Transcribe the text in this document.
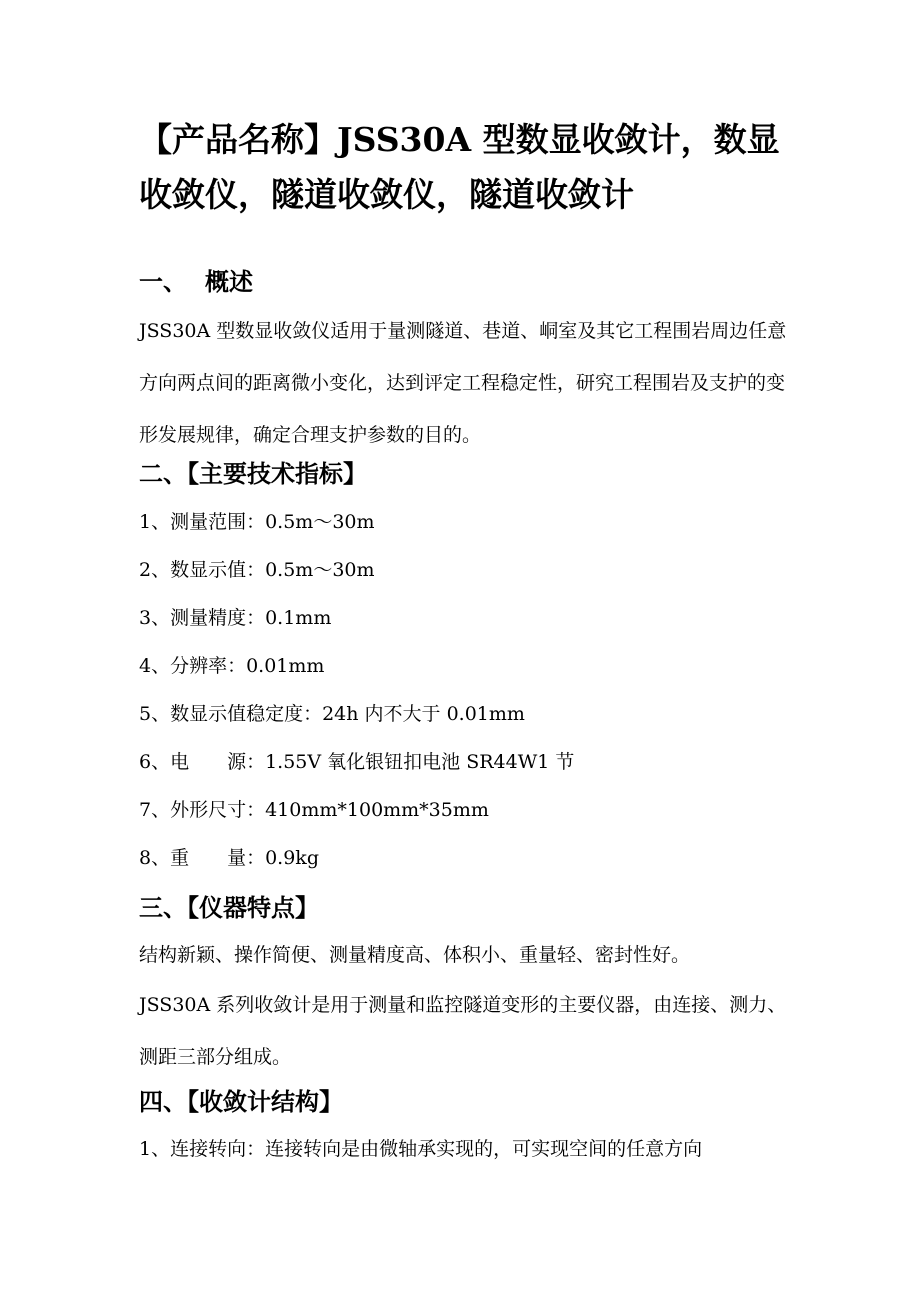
【产品名称】JSS30A 型数显收敛计，数显收敛仪，隧道收敛仪，隧道收敛计
一、 概述
JSS30A 型数显收敛仪适用于量测隧道、巷道、峒室及其它工程围岩周边任意方向两点间的距离微小变化，达到评定工程稳定性，研究工程围岩及支护的变形发展规律，确定合理支护参数的目的。
二、【主要技术指标】
1、测量范围：0.5m～30m
2、数显示值：0.5m～30m
3、测量精度：0.1mm
4、分辨率：0.01mm
5、数显示值稳定度：24h 内不大于 0.01mm
6、电　　源：1.55V 氧化银钮扣电池 SR44W1 节
7、外形尺寸：410mm*100mm*35mm
8、重　　量：0.9kg
三、【仪器特点】
结构新颖、操作简便、测量精度高、体积小、重量轻、密封性好。
JSS30A 系列收敛计是用于测量和监控隧道变形的主要仪器，由连接、测力、测距三部分组成。
四、【收敛计结构】
1、连接转向：连接转向是由微轴承实现的，可实现空间的任意方向
